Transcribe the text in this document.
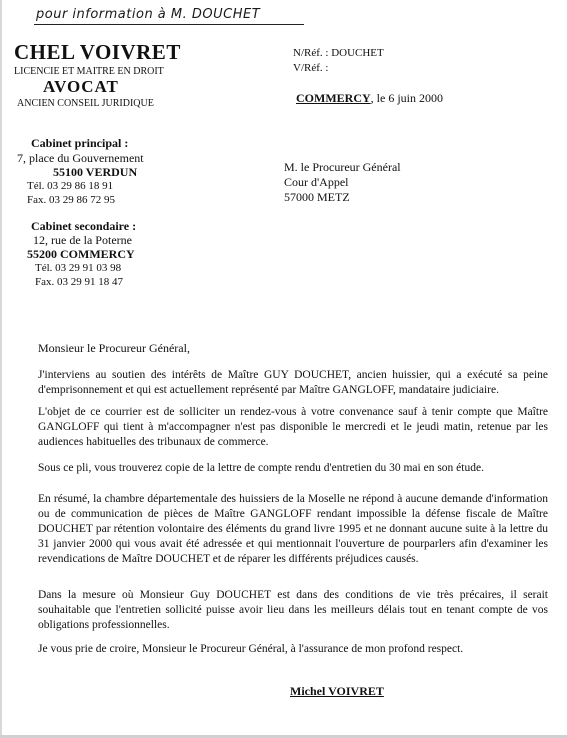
pour information à M. DOUCHET
CHEL VOIVRET
LICENCIE ET MAITRE EN DROIT
AVOCAT
ANCIEN CONSEIL JURIDIQUE
N/Réf. : DOUCHET
V/Réf. :
COMMERCY, le 6 juin 2000
Cabinet principal :
7, place du Gouvernement
55100 VERDUN
Tél. 03 29 86 18 91
Fax. 03 29 86 72 95
Cabinet secondaire :
12, rue de la Poterne
55200 COMMERCY
Tél. 03 29 91 03 98
Fax. 03 29 91 18 47
M. le Procureur Général
Cour d'Appel
57000 METZ
Monsieur le Procureur Général,
J'interviens au soutien des intérêts de Maître GUY DOUCHET, ancien huissier, qui a exécuté sa peine d'emprisonnement et qui est actuellement représenté par Maître GANGLOFF, mandataire judiciaire.
L'objet de ce courrier est de solliciter un rendez-vous à votre convenance sauf à tenir compte que Maître GANGLOFF qui tient à m'accompagner n'est pas disponible le mercredi et le jeudi matin, retenue par les audiences habituelles des tribunaux de commerce.
Sous ce pli, vous trouverez copie de la lettre de compte rendu d'entretien du 30 mai en son étude.
En résumé, la chambre départementale des huissiers de la Moselle ne répond à aucune demande d'information ou de communication de pièces de Maître GANGLOFF rendant impossible la défense fiscale de Maître DOUCHET par rétention volontaire des éléments du grand livre 1995 et ne donnant aucune suite à la lettre du 31 janvier 2000 qui vous avait été adressée et qui mentionnait l'ouverture de pourparlers afin d'examiner les revendications de Maître DOUCHET et de réparer les différents préjudices causés.
Dans la mesure où Monsieur Guy DOUCHET est dans des conditions de vie très précaires, il serait souhaitable que l'entretien sollicité puisse avoir lieu dans les meilleurs délais tout en tenant compte de vos obligations professionnelles.
Je vous prie de croire, Monsieur le Procureur Général, à l'assurance de mon profond respect.
Michel VOIVRET
